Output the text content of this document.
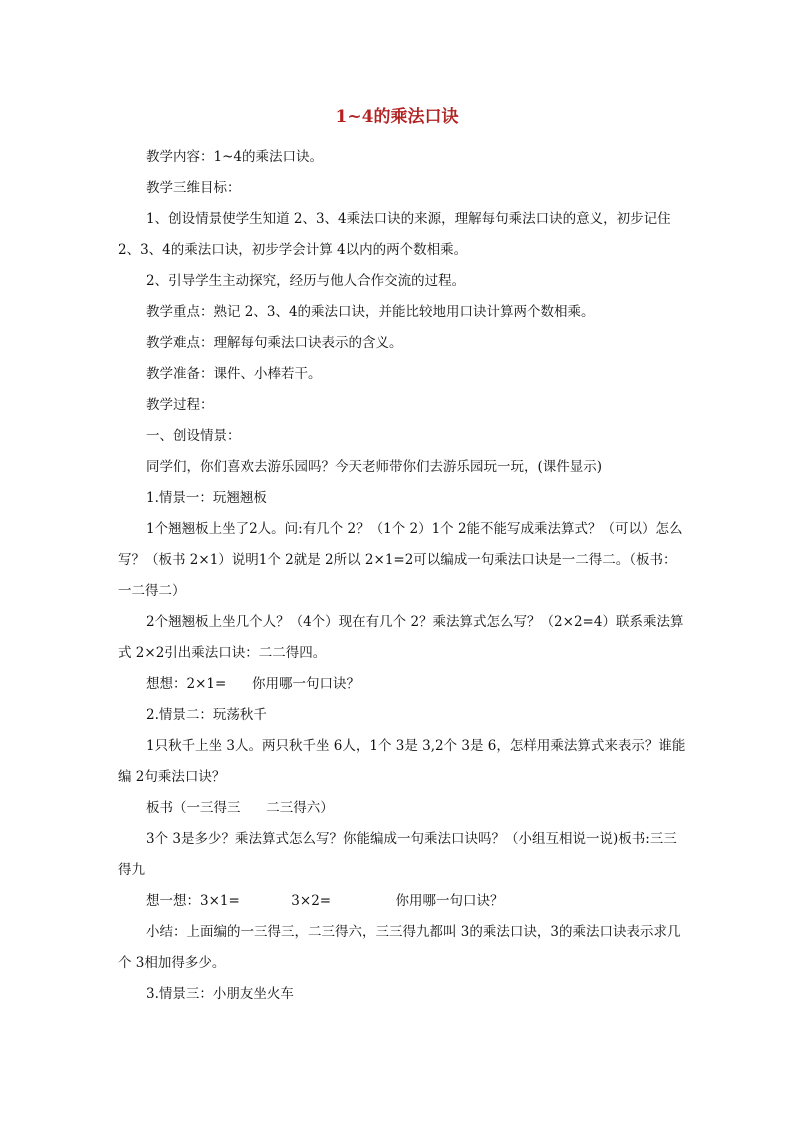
1~4的乘法口诀

教学内容：1~4的乘法口诀。

教学三维目标：

1、创设情景使学生知道 2、3、4乘法口诀的来源，理解每句乘法口诀的意义，初步记住 2、3、4的乘法口诀，初步学会计算 4以内的两个数相乘。

2、引导学生主动探究，经历与他人合作交流的过程。

教学重点：熟记 2、3、4的乘法口诀，并能比较地用口诀计算两个数相乘。

教学难点：理解每句乘法口诀表示的含义。

教学准备：课件、小棒若干。

教学过程：

一、创设情景：

同学们，你们喜欢去游乐园吗？今天老师带你们去游乐园玩一玩，(课件显示)

1.情景一：玩翘翘板

1个翘翘板上坐了2人。问:有几个 2？（1个 2）1个 2能不能写成乘法算式？（可以）怎么写？（板书 2×1）说明1个 2就是 2所以 2×1=2可以编成一句乘法口诀是一二得二。（板书：一二得二）

2个翘翘板上坐几个人？（4个）现在有几个 2？乘法算式怎么写？（2×2=4）联系乘法算式 2×2引出乘法口诀：二二得四。

想想：2×1=      你用哪一句口诀？

2.情景二：玩荡秋千

1只秋千上坐 3人。两只秋千坐 6人，1个 3是 3,2个 3是 6，怎样用乘法算式来表示？谁能编 2句乘法口诀？

板书（一三得三      二三得六）

3个 3是多少？乘法算式怎么写？你能编成一句乘法口诀吗？（小组互相说一说)板书:三三得九

想一想：3×1=            3×2=               你用哪一句口诀？

小结：上面编的一三得三，二三得六，三三得九都叫 3的乘法口诀，3的乘法口诀表示求几个 3相加得多少。

3.情景三：小朋友坐火车
